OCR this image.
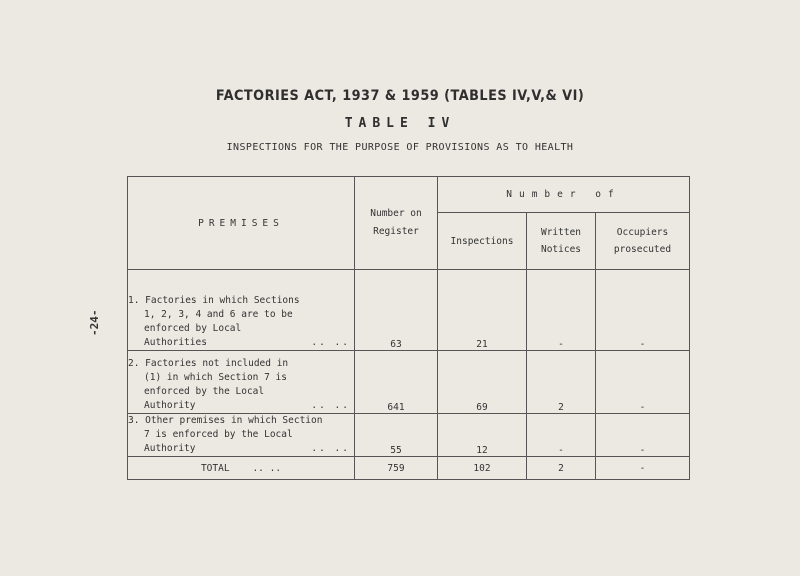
FACTORIES ACT, 1937 & 1959 (TABLES IV,V,& VI)
TABLE IV
INSPECTIONS FOR THE PURPOSE OF PROVISIONS AS TO HEALTH
-24-
PREMISES	Number on Register	Number of		
		Inspections	Written Notices	Occupiers prosecuted
1. Factories in which Sections
1, 2, 3, 4 and 6 are to be
enforced by Local
Authorities .. ..	63	21	-	-
2. Factories not included in
(1) in which Section 7 is
enforced by the Local
Authority .. ..	641	69	2	-
3. Other premises in which Section
7 is enforced by the Local
Authority .. ..	55	12	-	-
TOTAL .. ..	759	102	2	-
